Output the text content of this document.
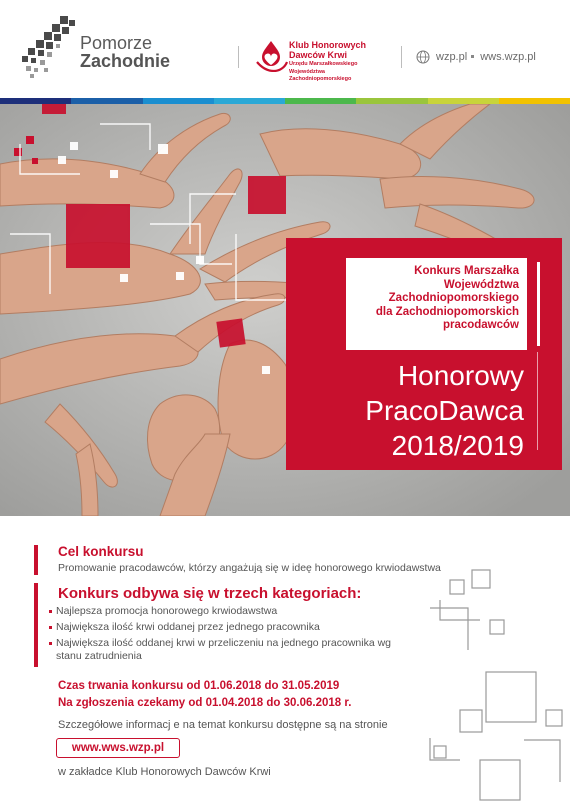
Pomorze
Zachodnie
Klub Honorowych
Dawców Krwi
Urzędu Marszałkowskiego
Województwa
Zachodniopomorskiego
wzp.pl wws.wzp.pl
Konkurs Marszałka
Województwa
Zachodniopomorskiego
dla Zachodniopomorskich
pracodawców
Honorowy
PracoDawca
2018/2019
Cel konkursu
Promowanie pracodawców, którzy angażują się w ideę honorowego krwiodawstwa
Konkurs odbywa się w trzech kategoriach:
Najlepsza promocja honorowego krwiodawstwa
Największa ilość krwi oddanej przez jednego pracownika
Największa ilość oddanej krwi w przeliczeniu na jednego pracownika wg stanu zatrudnienia
Czas trwania konkursu od 01.06.2018 do 31.05.2019
Na zgłoszenia czekamy od 01.04.2018 do 30.06.2018 r.
Szczegółowe informacj e na temat konkursu dostępne są na stronie
www.wws.wzp.pl
w zakładce Klub Honorowych Dawców Krwi
